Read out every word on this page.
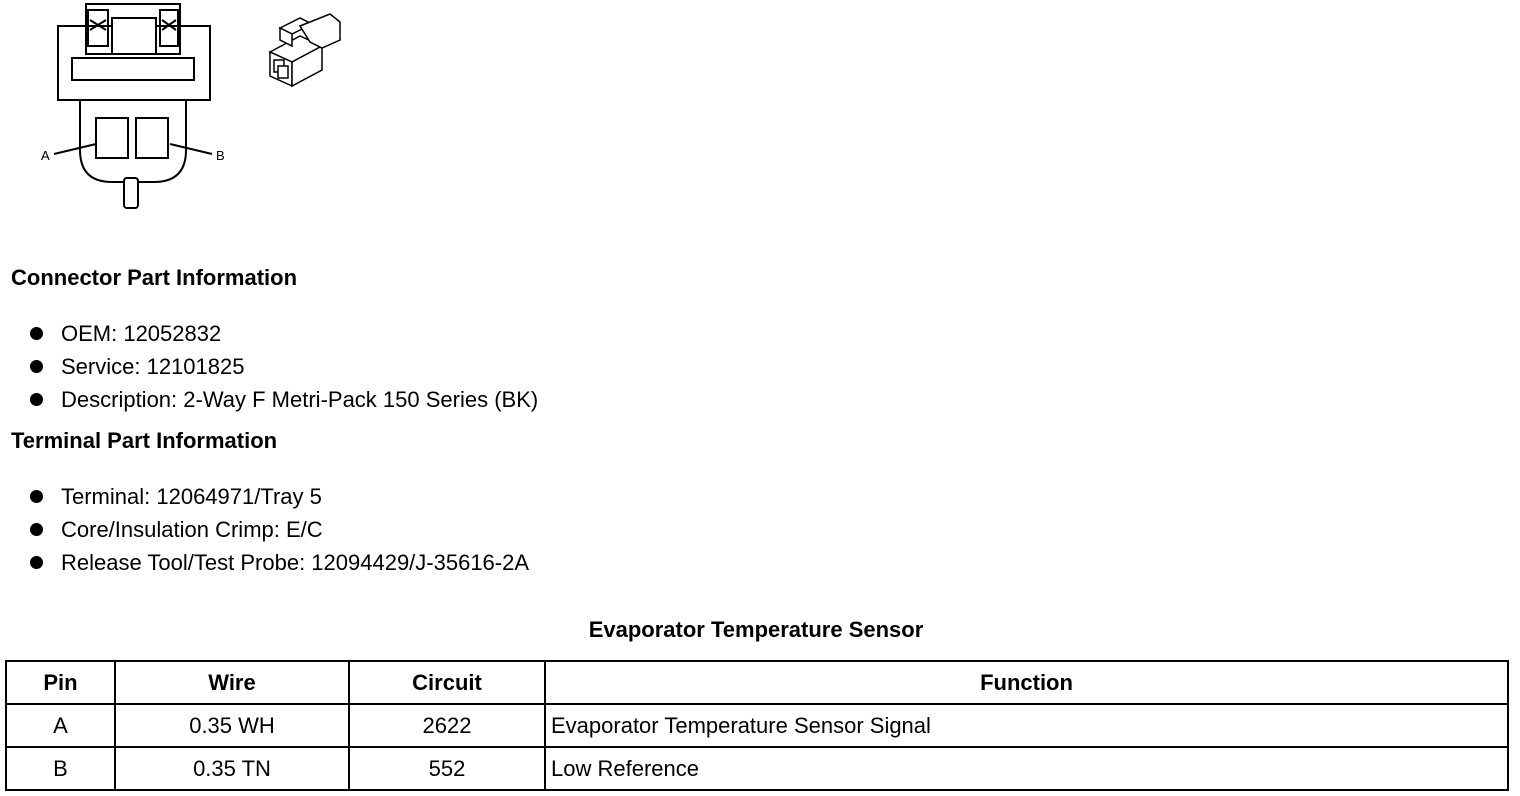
A	B
Connector Part Information
OEM: 12052832
Service: 12101825
Description: 2-Way F Metri-Pack 150 Series (BK)
Terminal Part Information
Terminal: 12064971/Tray 5
Core/Insulation Crimp: E/C
Release Tool/Test Probe: 12094429/J-35616-2A
Evaporator Temperature Sensor
Pin	Wire	Circuit	Function
A	0.35 WH	2622	Evaporator Temperature Sensor Signal
B	0.35 TN	552	Low Reference
